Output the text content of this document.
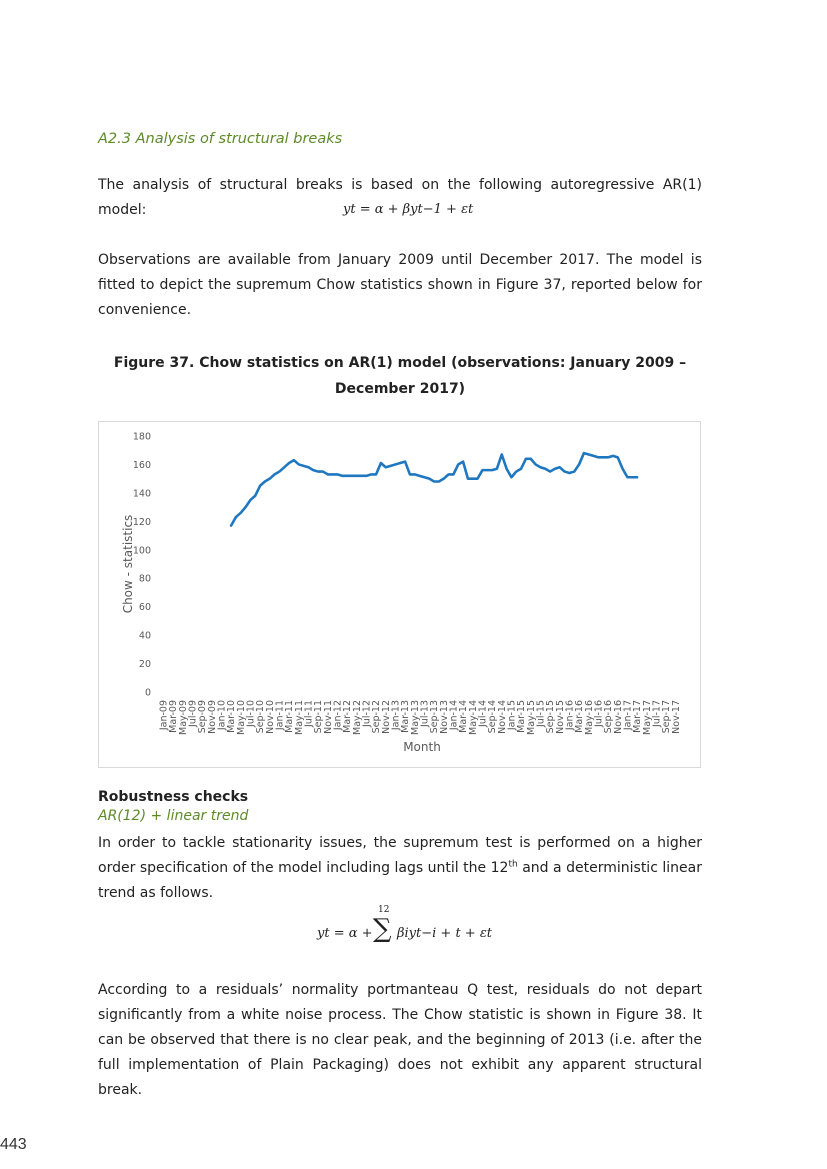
A2.3 Analysis of structural breaks
The analysis of structural breaks is based on the following autoregressive AR(1) model:	yt = α + βyt−1 + εt
Observations are available from January 2009 until December 2017. The model is fitted to depict the supremum Chow statistics shown in Figure 37, reported below for convenience.
Figure 37. Chow statistics on AR(1) model (observations: January 2009 –
December 2017)
0
20
40
60
80
100
120
140
160
180
Jan-09
Mar-09
May-09
Jul-09
Sep-09
Nov-09
Jan-10
Mar-10
May-10
Jul-10
Sep-10
Nov-10
Jan-11
Mar-11
May-11
Jul-11
Sep-11
Nov-11
Jan-12
Mar-12
May-12
Jul-12
Sep-12
Nov-12
Jan-13
Mar-13
May-13
Jul-13
Sep-13
Nov-13
Jan-14
Mar-14
May-14
Jul-14
Sep-14
Nov-14
Jan-15
Mar-15
May-15
Jul-15
Sep-15
Nov-15
Jan-16
Mar-16
May-16
Jul-16
Sep-16
Nov-16
Jan-17
Mar-17
May-17
Jul-17
Sep-17
Nov-17
Chow - statistics
Month
Robustness checks
AR(12) + linear trend
In order to tackle stationarity issues, the supremum test is performed on a higher order specification of the model including lags until the 12th and a deterministic linear trend as follows.
yt = α +
12
∑ βiyt−i + t + εt
According to a residuals’ normality portmanteau Q test, residuals do not depart significantly from a white noise process. The Chow statistic is shown in Figure 38. It can be observed that there is no clear peak, and the beginning of 2013 (i.e. after the full implementation of Plain Packaging) does not exhibit any apparent structural break.
443
